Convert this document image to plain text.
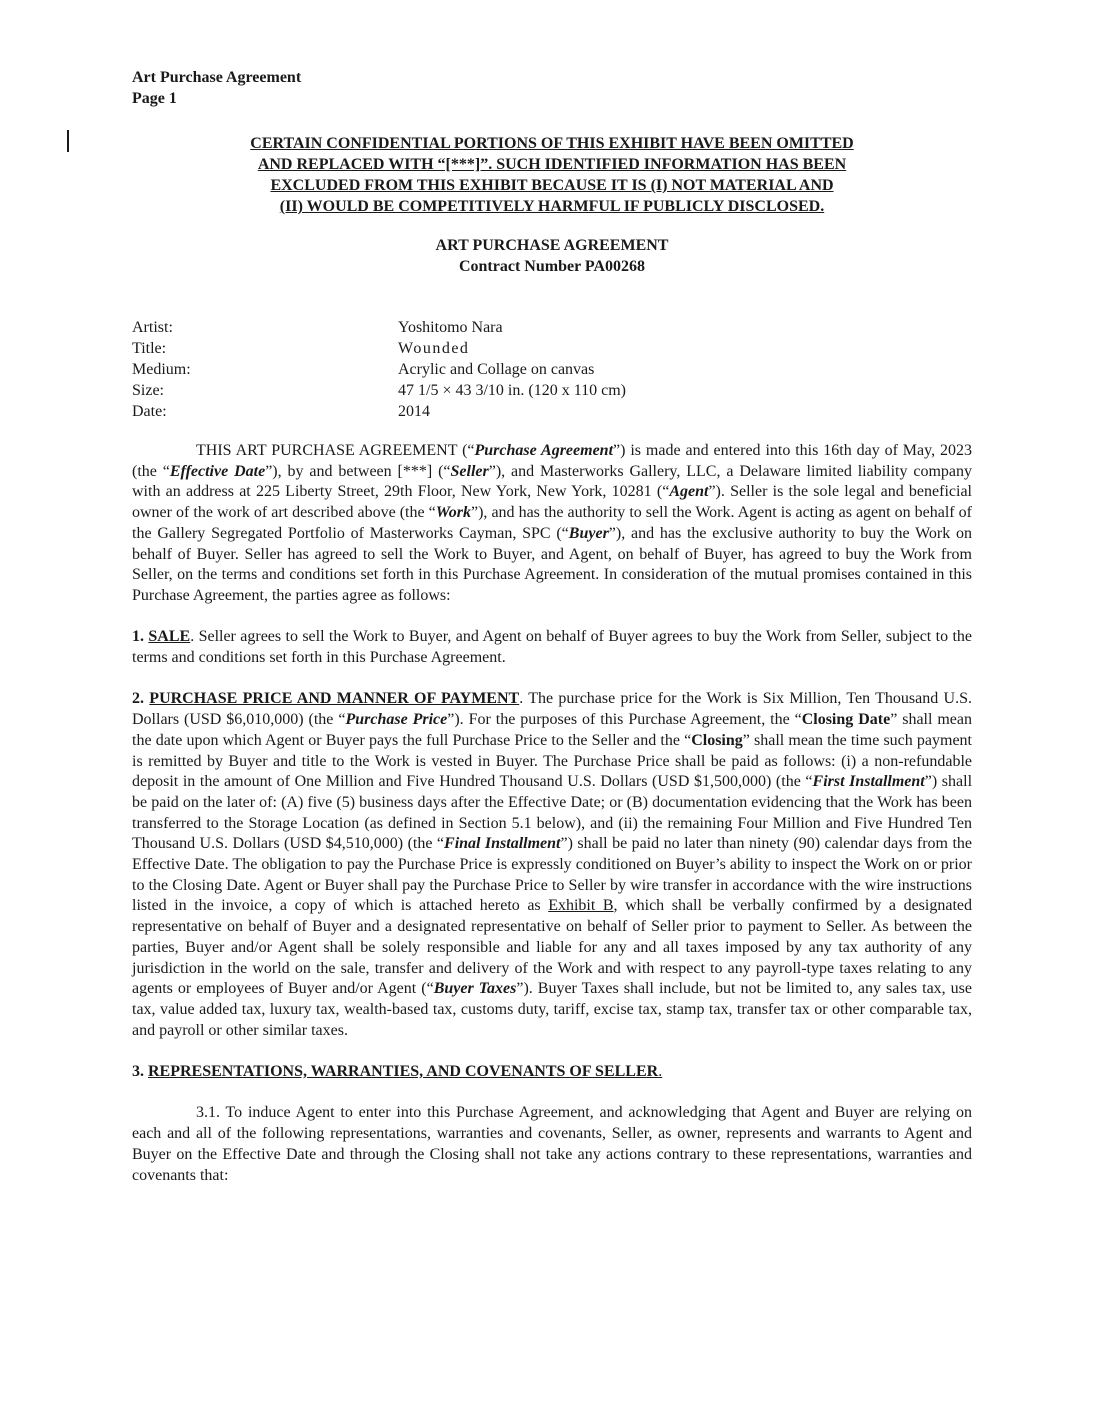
Art Purchase Agreement
Page 1
CERTAIN CONFIDENTIAL PORTIONS OF THIS EXHIBIT HAVE BEEN OMITTED
AND REPLACED WITH “[***]”. SUCH IDENTIFIED INFORMATION HAS BEEN
EXCLUDED FROM THIS EXHIBIT BECAUSE IT IS (I) NOT MATERIAL AND
(II) WOULD BE COMPETITIVELY HARMFUL IF PUBLICLY DISCLOSED.
ART PURCHASE AGREEMENT
Contract Number PA00268
Artist:	Yoshitomo Nara
Title:	Wounded
Medium:	Acrylic and Collage on canvas
Size:	47 1/5 × 43 3/10 in. (120 x 110 cm)
Date:	2014

THIS ART PURCHASE AGREEMENT (“Purchase Agreement”) is made and entered into this 16th day of May, 2023 (the “Effective Date”), by and between [***] (“Seller”), and Masterworks Gallery, LLC, a Delaware limited liability company with an address at 225 Liberty Street, 29th Floor, New York, New York, 10281 (“Agent”). Seller is the sole legal and beneficial owner of the work of art described above (the “Work”), and has the authority to sell the Work. Agent is acting as agent on behalf of the Gallery Segregated Portfolio of Masterworks Cayman, SPC (“Buyer”), and has the exclusive authority to buy the Work on behalf of Buyer. Seller has agreed to sell the Work to Buyer, and Agent, on behalf of Buyer, has agreed to buy the Work from Seller, on the terms and conditions set forth in this Purchase Agreement. In consideration of the mutual promises contained in this Purchase Agreement, the parties agree as follows:

1. SALE. Seller agrees to sell the Work to Buyer, and Agent on behalf of Buyer agrees to buy the Work from Seller, subject to the terms and conditions set forth in this Purchase Agreement.

2. PURCHASE PRICE AND MANNER OF PAYMENT. The purchase price for the Work is Six Million, Ten Thousand U.S. Dollars (USD $6,010,000) (the “Purchase Price”). For the purposes of this Purchase Agreement, the “Closing Date” shall mean the date upon which Agent or Buyer pays the full Purchase Price to the Seller and the “Closing” shall mean the time such payment is remitted by Buyer and title to the Work is vested in Buyer. The Purchase Price shall be paid as follows: (i) a non-refundable deposit in the amount of One Million and Five Hundred Thousand U.S. Dollars (USD $1,500,000) (the “First Installment”) shall be paid on the later of: (A) five (5) business days after the Effective Date; or (B) documentation evidencing that the Work has been transferred to the Storage Location (as defined in Section 5.1 below), and (ii) the remaining Four Million and Five Hundred Ten Thousand U.S. Dollars (USD $4,510,000) (the “Final Installment”) shall be paid no later than ninety (90) calendar days from the Effective Date. The obligation to pay the Purchase Price is expressly conditioned on Buyer’s ability to inspect the Work on or prior to the Closing Date. Agent or Buyer shall pay the Purchase Price to Seller by wire transfer in accordance with the wire instructions listed in the invoice, a copy of which is attached hereto as Exhibit B, which shall be verbally confirmed by a designated representative on behalf of Buyer and a designated representative on behalf of Seller prior to payment to Seller. As between the parties, Buyer and/or Agent shall be solely responsible and liable for any and all taxes imposed by any tax authority of any jurisdiction in the world on the sale, transfer and delivery of the Work and with respect to any payroll-type taxes relating to any agents or employees of Buyer and/or Agent (“Buyer Taxes”). Buyer Taxes shall include, but not be limited to, any sales tax, use tax, value added tax, luxury tax, wealth-based tax, customs duty, tariff, excise tax, stamp tax, transfer tax or other comparable tax, and payroll or other similar taxes.

3. REPRESENTATIONS, WARRANTIES, AND COVENANTS OF SELLER.

3.1. To induce Agent to enter into this Purchase Agreement, and acknowledging that Agent and Buyer are relying on each and all of the following representations, warranties and covenants, Seller, as owner, represents and warrants to Agent and Buyer on the Effective Date and through the Closing shall not take any actions contrary to these representations, warranties and covenants that:
